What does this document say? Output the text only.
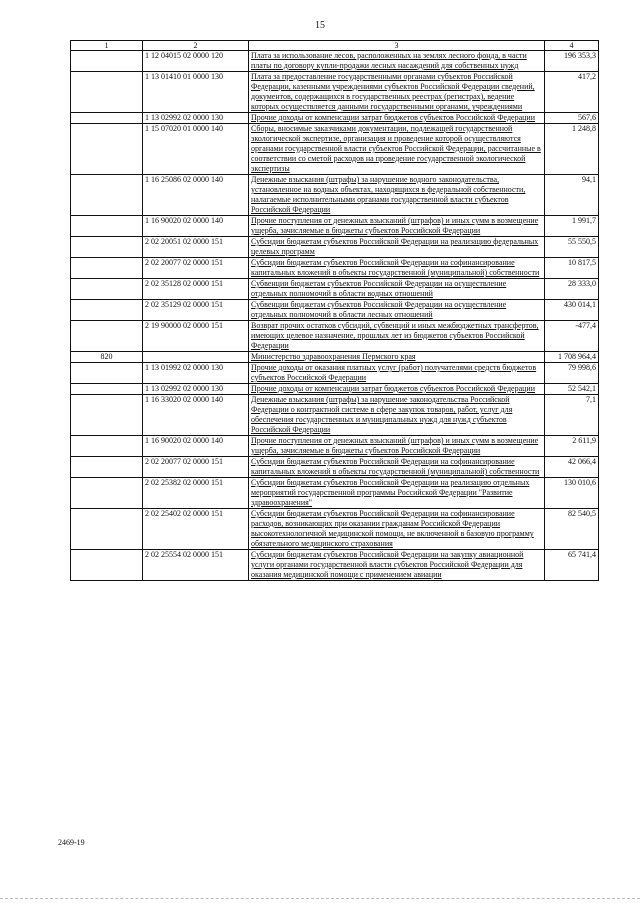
15
1	2	3	4
	1 12 04015 02 0000 120	Плата за использование лесов, расположенных на землях лесного фонда, в части платы по договору купли-продажи лесных насаждений для собственных нужд	196 353,3
	1 13 01410 01 0000 130	Плата за предоставление государственными органами субъектов Российской Федерации, казенными учреждениями субъектов Российской Федерации сведений, документов, содержащихся в государственных реестрах (регистрах), ведение которых осуществляется данными государственными органами, учреждениями	417,2
	1 13 02992 02 0000 130	Прочие доходы от компенсации затрат бюджетов субъектов Российской Федерации	567,6
	1 15 07020 01 0000 140	Сборы, вносимые заказчиками документации, подлежащей государственной экологической экспертизе, организация и проведение которой осуществляются органами государственной власти субъектов Российской Федерации, рассчитанные в соответствии со сметой расходов на проведение государственной экологической экспертизы	1 248,8
	1 16 25086 02 0000 140	Денежные взыскания (штрафы) за нарушение водного законодательства, установленное на водных объектах, находящихся в федеральной собственности, налагаемые исполнительными органами государственной власти субъектов Российской Федерации	94,1
	1 16 90020 02 0000 140	Прочие поступления от денежных взысканий (штрафов) и иных сумм в возмещение ущерба, зачисляемые в бюджеты субъектов Российской Федерации	1 991,7
	2 02 20051 02 0000 151	Субсидии бюджетам субъектов Российской Федерации на реализацию федеральных целевых программ	55 550,5
	2 02 20077 02 0000 151	Субсидии бюджетам субъектов Российской Федерации на софинансирование капитальных вложений в объекты государственной (муниципальной) собственности	10 817,5
	2 02 35128 02 0000 151	Субвенции бюджетам субъектов Российской Федерации на осуществление отдельных полномочий в области водных отношений	28 333,0
	2 02 35129 02 0000 151	Субвенции бюджетам субъектов Российской Федерации на осуществление отдельных полномочий в области лесных отношений	430 014,1
	2 19 90000 02 0000 151	Возврат прочих остатков субсидий, субвенций и иных межбюджетных трансфертов, имеющих целевое назначение, прошлых лет из бюджетов субъектов Российской Федерации	-477,4
820		Министерство здравоохранения Пермского края	1 708 964,4
	1 13 01992 02 0000 130	Прочие доходы от оказания платных услуг (работ) получателями средств бюджетов субъектов Российской Федерации	79 998,6
	1 13 02992 02 0000 130	Прочие доходы от компенсации затрат бюджетов субъектов Российской Федерации	52 542,1
	1 16 33020 02 0000 140	Денежные взыскания (штрафы) за нарушение законодательства Российской Федерации о контрактной системе в сфере закупок товаров, работ, услуг для обеспечения государственных и муниципальных нужд для нужд субъектов Российской Федерации	7,1
	1 16 90020 02 0000 140	Прочие поступления от денежных взысканий (штрафов) и иных сумм в возмещение ущерба, зачисляемые в бюджеты субъектов Российской Федерации	2 611,9
	2 02 20077 02 0000 151	Субсидии бюджетам субъектов Российской Федерации на софинансирование капитальных вложений в объекты государственной (муниципальной) собственности	42 066,4
	2 02 25382 02 0000 151	Субсидии бюджетам субъектов Российской Федерации на реализацию отдельных мероприятий государственной программы Российской Федерации "Развитие здравоохранения"	130 010,6
	2 02 25402 02 0000 151	Субсидии бюджетам субъектов Российской Федерации на софинансирование расходов, возникающих при оказании гражданам Российской Федерации высокотехнологичной медицинской помощи, не включенной в базовую программу обязательного медицинского страхования	82 540,5
	2 02 25554 02 0000 151	Субсидии бюджетам субъектов Российской Федерации на закупку авиационной услуги органами государственной власти субъектов Российской Федерации для оказания медицинской помощи с применением авиации	65 741,4
2469-19
